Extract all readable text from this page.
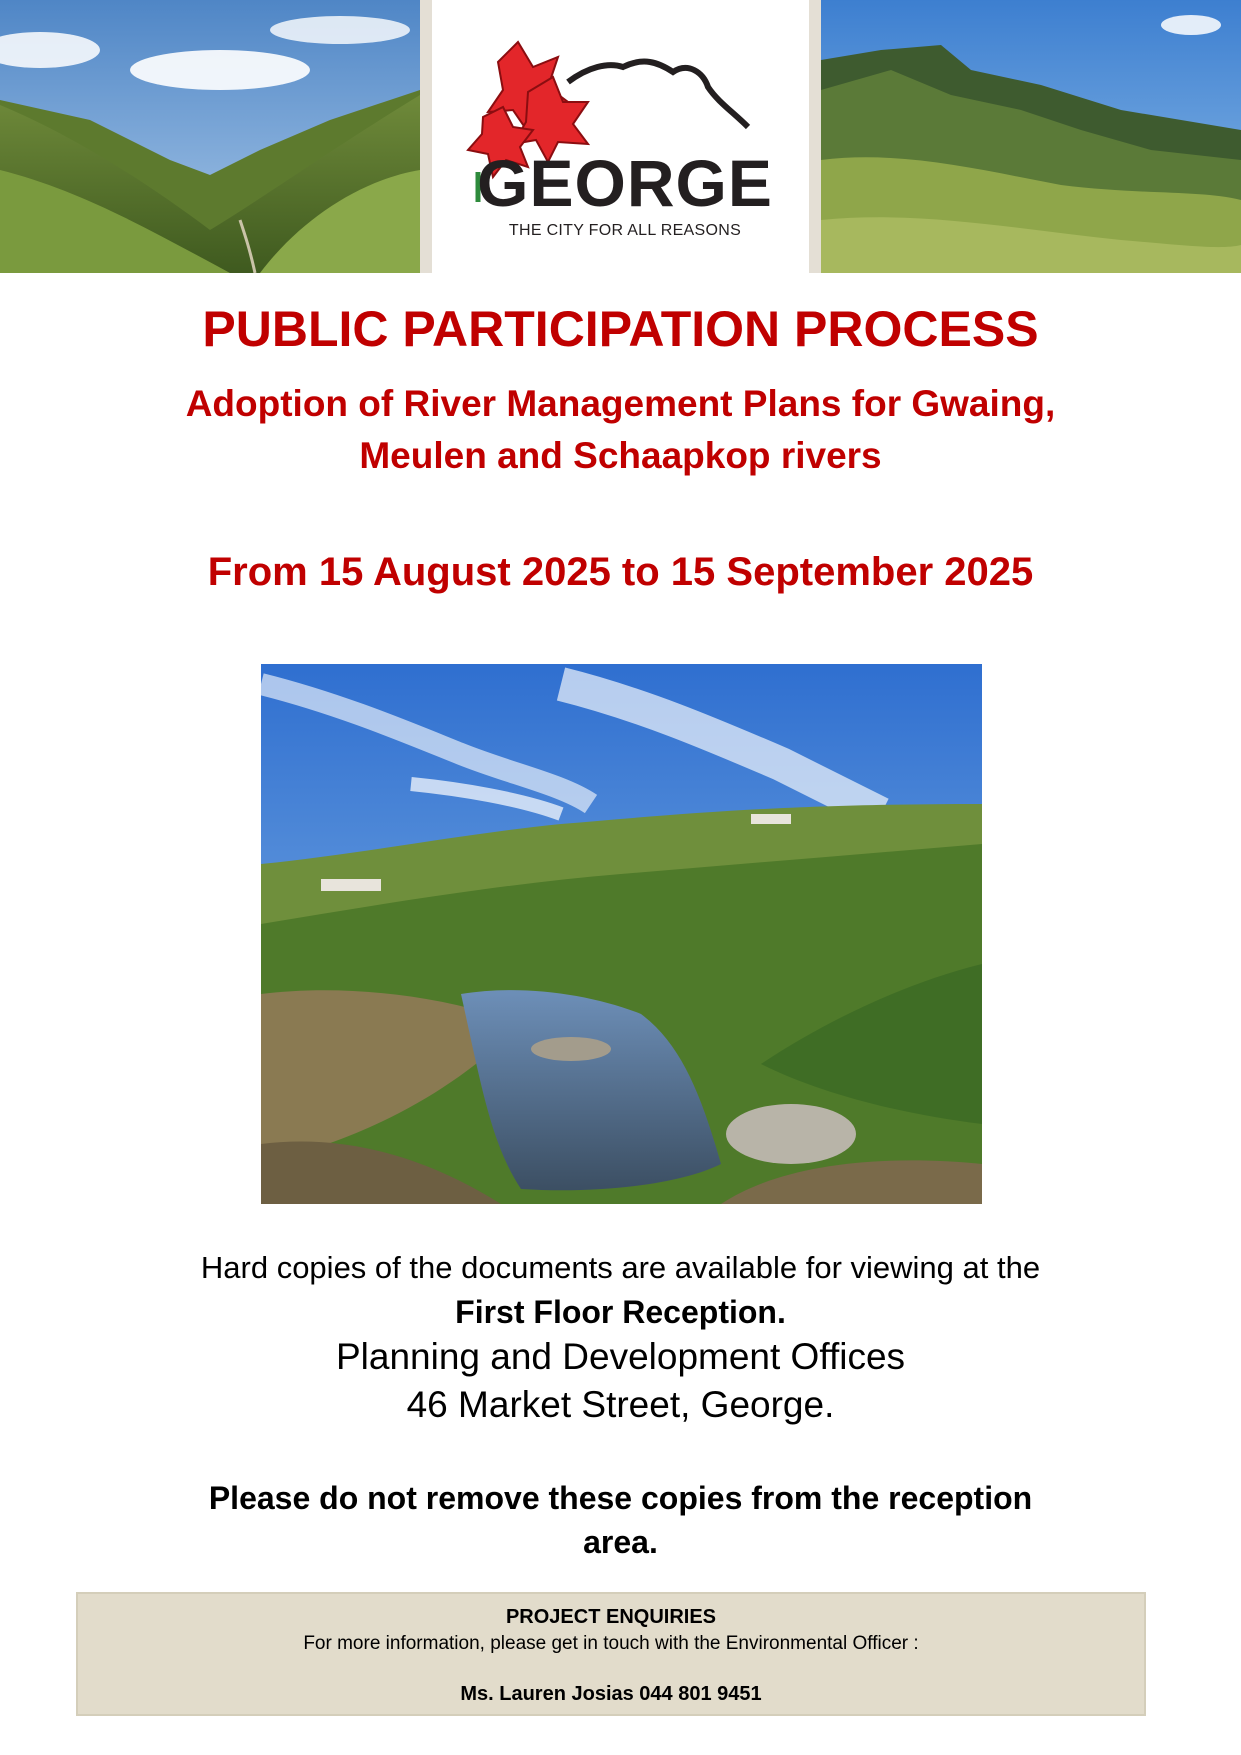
GEORGE
THE CITY FOR ALL REASONS
PUBLIC PARTICIPATION PROCESS
Adoption of River Management Plans for Gwaing,
Meulen and Schaapkop rivers
From 15 August 2025 to 15 September 2025
Hard copies of the documents are available for viewing at the
First Floor Reception.
Planning and Development Offices
46 Market Street, George.
Please do not remove these copies from the reception
area.
PROJECT ENQUIRIES
For more information, please get in touch with the Environmental Officer :
Ms. Lauren Josias 044 801 9451
